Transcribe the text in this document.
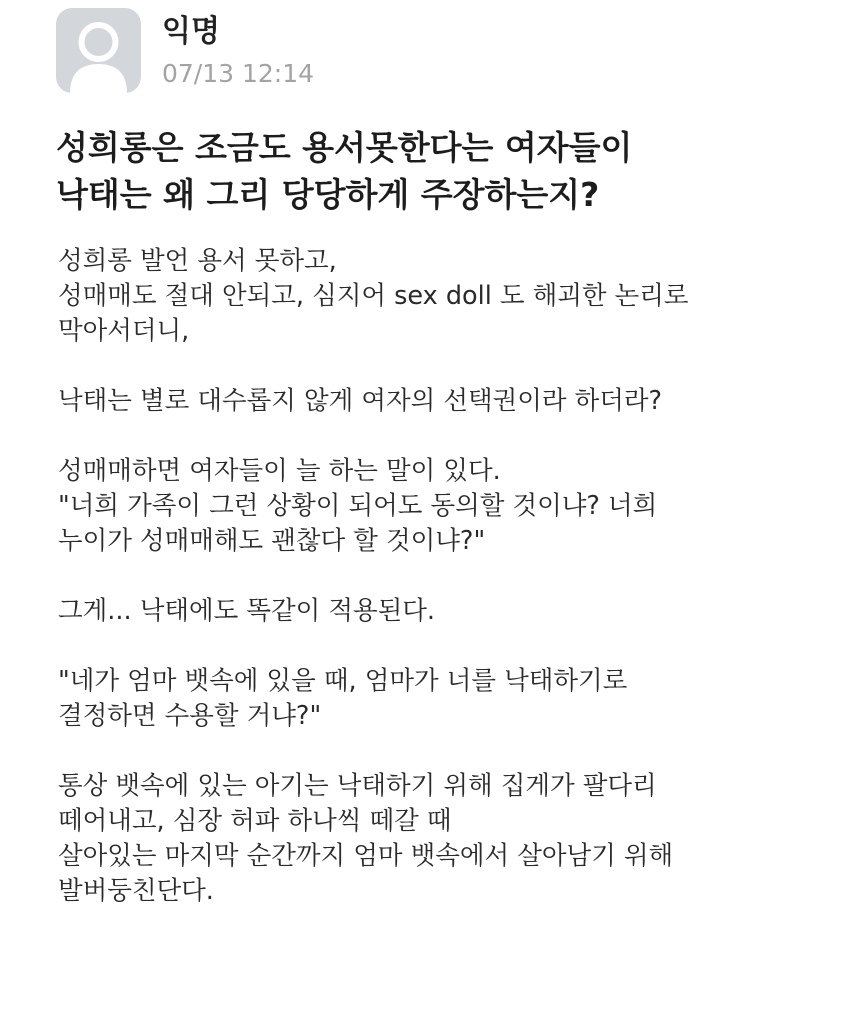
익명
07/13 12:14
성희롱은 조금도 용서못한다는 여자들이
낙태는 왜 그리 당당하게 주장하는지?
성희롱 발언 용서 못하고,
성매매도 절대 안되고, 심지어 sex doll 도 해괴한 논리로
막아서더니,
낙태는 별로 대수롭지 않게 여자의 선택권이라 하더라?
성매매하면 여자들이 늘 하는 말이 있다.
"너희 가족이 그런 상황이 되어도 동의할 것이냐? 너희
누이가 성매매해도 괜찮다 할 것이냐?"
그게... 낙태에도 똑같이 적용된다.
"네가 엄마 뱃속에 있을 때, 엄마가 너를 낙태하기로
결정하면 수용할 거냐?"
통상 뱃속에 있는 아기는 낙태하기 위해 집게가 팔다리
떼어내고, 심장 허파 하나씩 떼갈 때
살아있는 마지막 순간까지 엄마 뱃속에서 살아남기 위해
발버둥친단다.
